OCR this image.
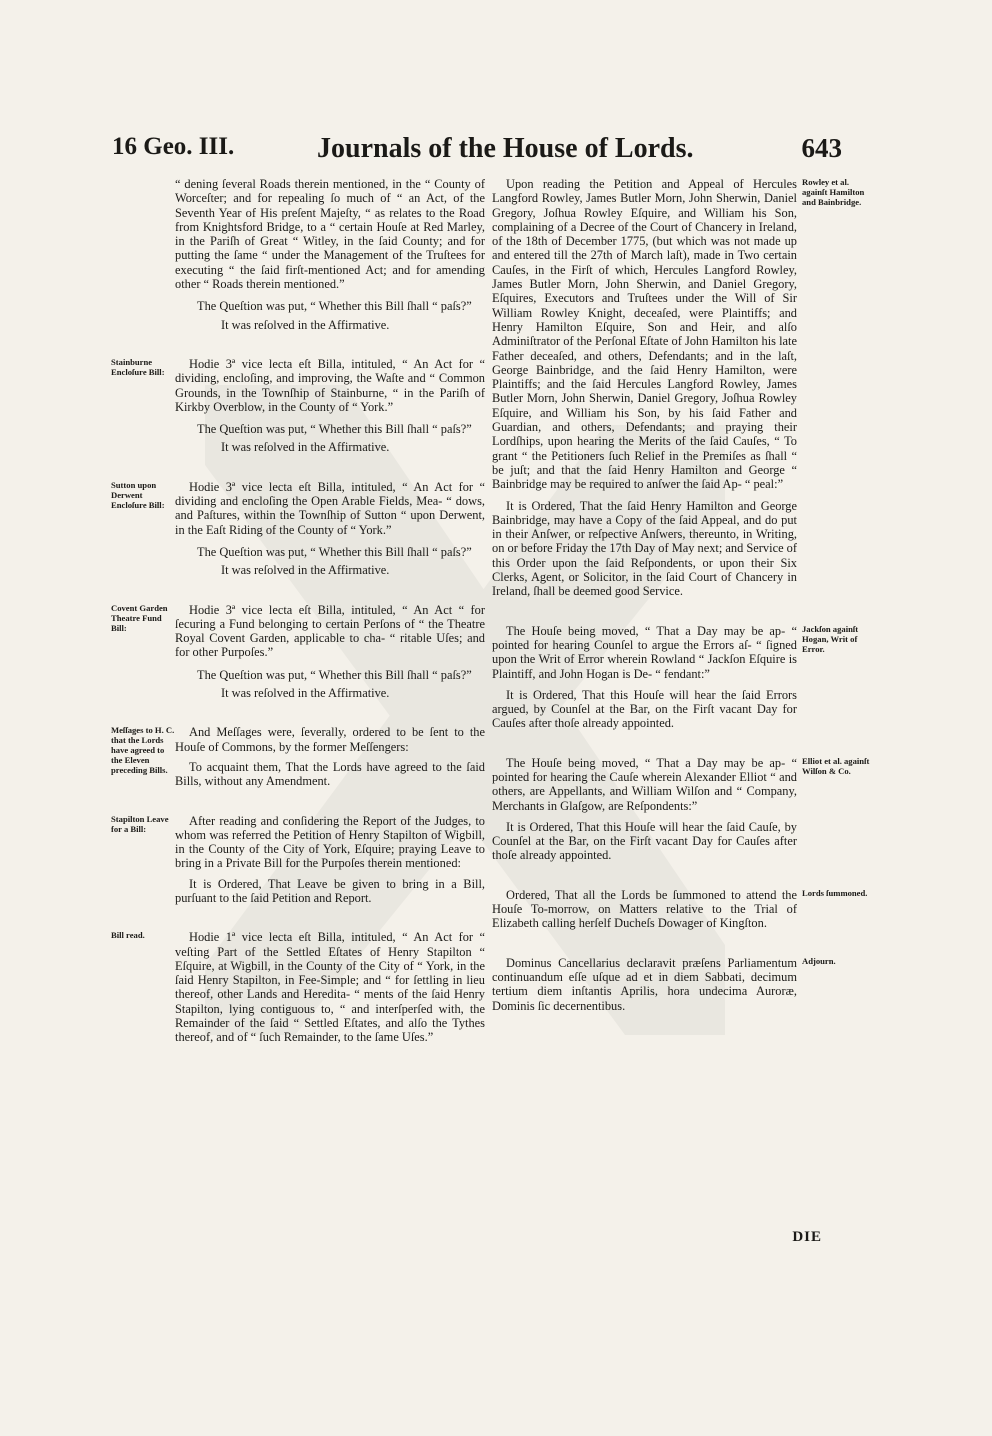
16 Geo. III.	Journals of the House of Lords.	643

“ dening ſeveral Roads therein mentioned, in the “ County of Worceſter; and for repealing ſo much of “ an Act, of the Seventh Year of His preſent Majeſty, “ as relates to the Road from Knightsford Bridge, to a “ certain Houſe at Red Marley, in the Pariſh of Great “ Witley, in the ſaid County; and for putting the ſame “ under the Management of the Truſtees for executing “ the ſaid firſt-mentioned Act; and for amending other “ Roads therein mentioned.”

The Queſtion was put, “ Whether this Bill ſhall “ paſs?”

It was reſolved in the Affirmative.

Stainburne Encloſure Bill:

Hodie 3ª vice lecta eſt Billa, intituled, “ An Act for “ dividing, encloſing, and improving, the Waſte and “ Common Grounds, in the Townſhip of Stainburne, “ in the Pariſh of Kirkby Overblow, in the County of “ York.”

The Queſtion was put, “ Whether this Bill ſhall “ paſs?”

It was reſolved in the Affirmative.

Sutton upon Derwent Encloſure Bill:

Hodie 3ª vice lecta eſt Billa, intituled, “ An Act for “ dividing and encloſing the Open Arable Fields, Mea- “ dows, and Paſtures, within the Townſhip of Sutton “ upon Derwent, in the Eaſt Riding of the County of “ York.”

The Queſtion was put, “ Whether this Bill ſhall “ paſs?”

It was reſolved in the Affirmative.

Covent Garden Theatre Fund Bill:

Hodie 3ª vice lecta eſt Billa, intituled, “ An Act “ for ſecuring a Fund belonging to certain Perſons of “ the Theatre Royal Covent Garden, applicable to cha- “ ritable Uſes; and for other Purpoſes.”

The Queſtion was put, “ Whether this Bill ſhall “ paſs?”

It was reſolved in the Affirmative.

Meſſages to H. C. that the Lords have agreed to the Eleven preceding Bills.

And Meſſages were, ſeverally, ordered to be ſent to the Houſe of Commons, by the former Meſſengers:

To acquaint them, That the Lords have agreed to the ſaid Bills, without any Amendment.

Stapilton Leave for a Bill:

After reading and conſidering the Report of the Judges, to whom was referred the Petition of Henry Stapilton of Wigbill, in the County of the City of York, Eſquire; praying Leave to bring in a Private Bill for the Purpoſes therein mentioned:

It is Ordered, That Leave be given to bring in a Bill, purſuant to the ſaid Petition and Report.

Bill read.	Hodie 1ª vice lecta eſt Billa, intituled, “ An Act for “ veſting Part of the Settled Eſtates of Henry Stapilton “ Eſquire, at Wigbill, in the County of the City of “ York, in the ſaid Henry Stapilton, in Fee-Simple; and “ for ſettling in lieu thereof, other Lands and Heredita- “ ments of the ſaid Henry Stapilton, lying contiguous to, “ and interſperſed with, the Remainder of the ſaid “ Settled Eſtates, and alſo the Tythes thereof, and of “ ſuch Remainder, to the ſame Uſes.”

Rowley et al. againſt Hamilton and Bainbridge.

Upon reading the Petition and Appeal of Hercules Langford Rowley, James Butler Morn, John Sherwin, Daniel Gregory, Joſhua Rowley Eſquire, and William his Son, complaining of a Decree of the Court of Chancery in Ireland, of the 18th of December 1775, (but which was not made up and entered till the 27th of March laſt), made in Two certain Cauſes, in the Firſt of which, Hercules Langford Rowley, James Butler Morn, John Sherwin, and Daniel Gregory, Eſquires, Executors and Truſtees under the Will of Sir William Rowley Knight, deceaſed, were Plaintiffs; and Henry Hamilton Eſquire, Son and Heir, and alſo Adminiſtrator of the Perſonal Eſtate of John Hamilton his late Father deceaſed, and others, Defendants; and in the laſt, George Bainbridge, and the ſaid Henry Hamilton, were Plaintiffs; and the ſaid Hercules Langford Rowley, James Butler Morn, John Sherwin, Daniel Gregory, Joſhua Rowley Eſquire, and William his Son, by his ſaid Father and Guardian, and others, Defendants; and praying their Lordſhips, upon hearing the Merits of the ſaid Cauſes, “ To grant “ the Petitioners ſuch Relief in the Premiſes as ſhall “ be juſt; and that the ſaid Henry Hamilton and George “ Bainbridge may be required to anſwer the ſaid Ap- “ peal:”

It is Ordered, That the ſaid Henry Hamilton and George Bainbridge, may have a Copy of the ſaid Appeal, and do put in their Anſwer, or reſpective Anſwers, thereunto, in Writing, on or before Friday the 17th Day of May next; and Service of this Order upon the ſaid Reſpondents, or upon their Six Clerks, Agent, or Solicitor, in the ſaid Court of Chancery in Ireland, ſhall be deemed good Service.

Jackſon againſt Hogan, Writ of Error.

The Houſe being moved, “ That a Day may be ap- “ pointed for hearing Counſel to argue the Errors aſ- “ ſigned upon the Writ of Error wherein Rowland “ Jackſon Eſquire is Plaintiff, and John Hogan is De- “ fendant:”

It is Ordered, That this Houſe will hear the ſaid Errors argued, by Counſel at the Bar, on the Firſt vacant Day for Cauſes after thoſe already appointed.

Elliot et al. againſt Wilſon & Co.

The Houſe being moved, “ That a Day may be ap- “ pointed for hearing the Cauſe wherein Alexander Elliot “ and others, are Appellants, and William Wilſon and “ Company, Merchants in Glaſgow, are Reſpondents:”

It is Ordered, That this Houſe will hear the ſaid Cauſe, by Counſel at the Bar, on the Firſt vacant Day for Cauſes after thoſe already appointed.

Lords ſummoned.

Ordered, That all the Lords be ſummoned to attend the Houſe To-morrow, on Matters relative to the Trial of Elizabeth calling herſelf Ducheſs Dowager of Kingſton.

Adjourn.

Dominus Cancellarius declaravit præſens Parliamentum continuandum eſſe uſque ad et in diem Sabbati, decimum tertium diem inſtantis Aprilis, hora undecima Auroræ, Dominis ſic decernentibus.

DIE
